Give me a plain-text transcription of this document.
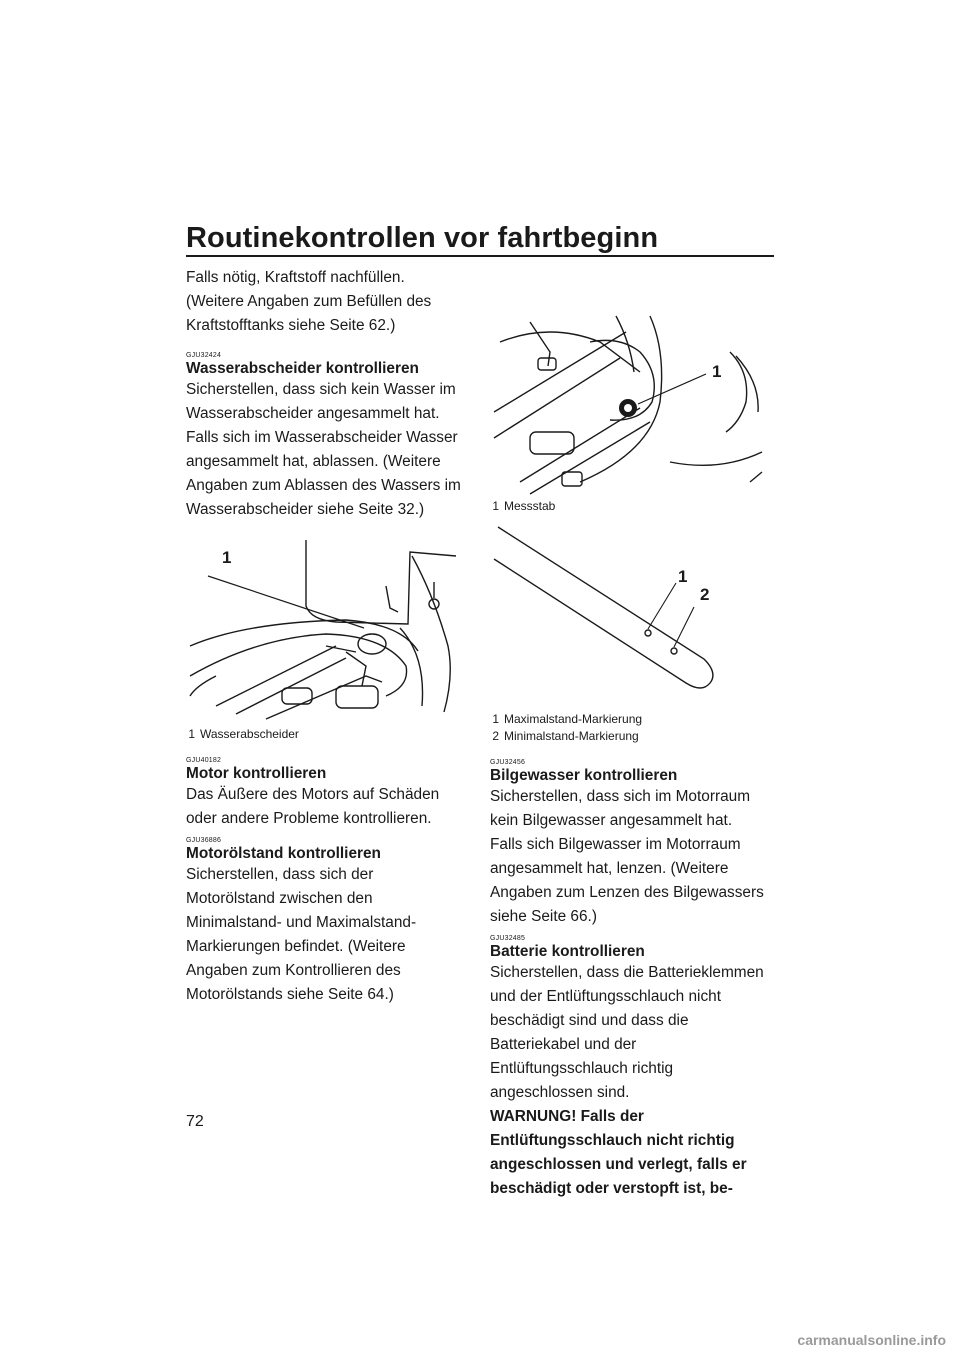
Routinekontrollen vor fahrtbeginn

Falls nötig, Kraftstoff nachfüllen. (Weitere Angaben zum Befüllen des Kraftstofftanks siehe Seite 62.)

GJU32424
Wasserabscheider kontrollieren

Sicherstellen, dass sich kein Wasser im Wasserabscheider angesammelt hat. Falls sich im Wasserabscheider Wasser angesammelt hat, ablassen. (Weitere Angaben zum Ablassen des Wassers im Wasserabscheider siehe Seite 32.)

1

1 Wasserabscheider

GJU40182
Motor kontrollieren

Das Äußere des Motors auf Schäden oder andere Probleme kontrollieren.

GJU36886
Motorölstand kontrollieren

Sicherstellen, dass sich der Motorölstand zwischen den Minimalstand- und Maximalstand-Markierungen befindet. (Weitere Angaben zum Kontrollieren des Motorölstands siehe Seite 64.)

1

1 Messstab

1
2

1 Maximalstand-Markierung

2 Minimalstand-Markierung

GJU32456
Bilgewasser kontrollieren

Sicherstellen, dass sich im Motorraum kein Bilgewasser angesammelt hat. Falls sich Bilgewasser im Motorraum angesammelt hat, lenzen. (Weitere Angaben zum Lenzen des Bilgewassers siehe Seite 66.)

GJU32485
Batterie kontrollieren

Sicherstellen, dass die Batterieklemmen und der Entlüftungsschlauch nicht beschädigt sind und dass die Batteriekabel und der Entlüftungsschlauch richtig angeschlossen sind.

WARNUNG! Falls der Entlüftungsschlauch nicht richtig angeschlossen und verlegt, falls er beschädigt oder verstopft ist, be-

72
carmanualsonline.info
